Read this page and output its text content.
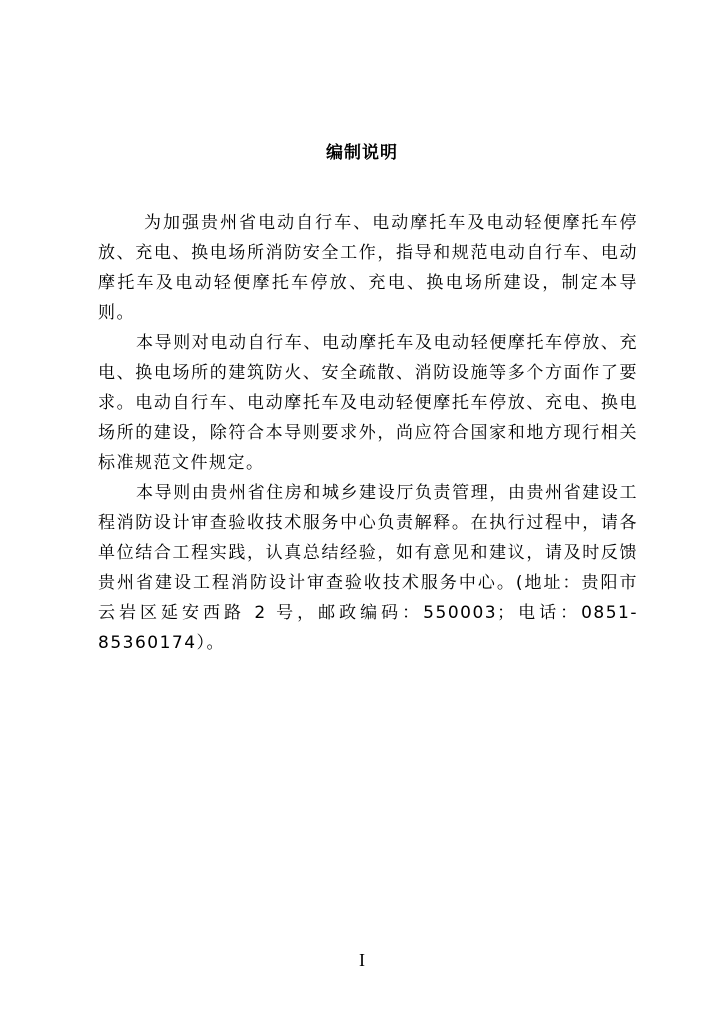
编制说明

为加强贵州省电动自行车、电动摩托车及电动轻便摩托车停放、充电、换电场所消防安全工作，指导和规范电动自行车、电动摩托车及电动轻便摩托车停放、充电、换电场所建设，制定本导则。

本导则对电动自行车、电动摩托车及电动轻便摩托车停放、充电、换电场所的建筑防火、安全疏散、消防设施等多个方面作了要求。电动自行车、电动摩托车及电动轻便摩托车停放、充电、换电场所的建设，除符合本导则要求外，尚应符合国家和地方现行相关标准规范文件规定。

本导则由贵州省住房和城乡建设厅负责管理，由贵州省建设工程消防设计审查验收技术服务中心负责解释。在执行过程中，请各单位结合工程实践，认真总结经验，如有意见和建议，请及时反馈贵州省建设工程消防设计审查验收技术服务中心。(地址：贵阳市云岩区延安西路 2 号，邮政编码：550003；电话：0851-85360174）。

I
